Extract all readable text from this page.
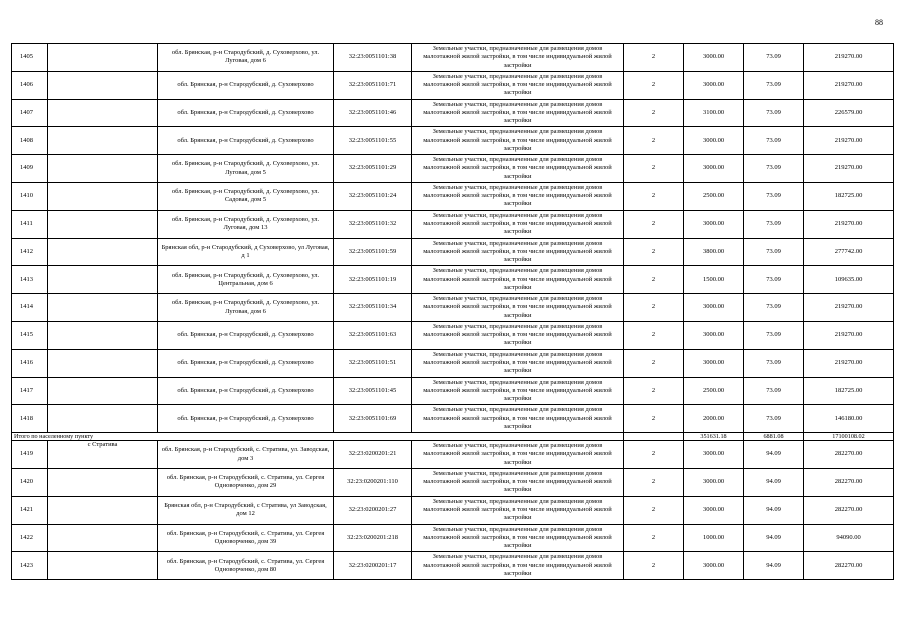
88
1405		обл. Брянская, р-н Стародубский, д. Суховерхово, ул. Луговая, дом 6	32:23:0051101:38	Земельные участки, предназначенные для размещения домов малоэтажной жилой застройки, в том числе индивидуальной жилой застройки	2	3000.00	73.09	219270.00
1406		обл. Брянская, р-н Стародубский, д. Суховерхово	32:23:0051101:71	Земельные участки, предназначенные для размещения домов малоэтажной жилой застройки, в том числе индивидуальной жилой застройки	2	3000.00	73.09	219270.00
1407		обл. Брянская, р-н Стародубский, д. Суховерхово	32:23:0051101:46	Земельные участки, предназначенные для размещения домов малоэтажной жилой застройки, в том числе индивидуальной жилой застройки	2	3100.00	73.09	226579.00
1408		обл. Брянская, р-н Стародубский, д. Суховерхово	32:23:0051101:55	Земельные участки, предназначенные для размещения домов малоэтажной жилой застройки, в том числе индивидуальной жилой застройки	2	3000.00	73.09	219270.00
1409		обл. Брянская, р-н Стародубский, д. Суховерхово, ул. Луговая, дом 5	32:23:0051101:29	Земельные участки, предназначенные для размещения домов малоэтажной жилой застройки, в том числе индивидуальной жилой застройки	2	3000.00	73.09	219270.00
1410		обл. Брянская, р-н Стародубский, д. Суховерхово, ул. Садовая, дом 5	32:23:0051101:24	Земельные участки, предназначенные для размещения домов малоэтажной жилой застройки, в том числе индивидуальной жилой застройки	2	2500.00	73.09	182725.00
1411		обл. Брянская, р-н Стародубский, д. Суховерхово, ул. Луговая, дом 13	32:23:0051101:32	Земельные участки, предназначенные для размещения домов малоэтажной жилой застройки, в том числе индивидуальной жилой застройки	2	3000.00	73.09	219270.00
1412		Брянская обл, р-н Стародубский, д Суховерхово, ул Луговая, д 1	32:23:0051101:59	Земельные участки, предназначенные для размещения домов малоэтажной жилой застройки, в том числе индивидуальной жилой застройки	2	3800.00	73.09	277742.00
1413		обл. Брянская, р-н Стародубский, д. Суховерхово, ул. Центральная, дом 6	32:23:0051101:19	Земельные участки, предназначенные для размещения домов малоэтажной жилой застройки, в том числе индивидуальной жилой застройки	2	1500.00	73.09	109635.00
1414		обл. Брянская, р-н Стародубский, д. Суховерхово, ул. Луговая, дом 6	32:23:0051101:34	Земельные участки, предназначенные для размещения домов малоэтажной жилой застройки, в том числе индивидуальной жилой застройки	2	3000.00	73.09	219270.00
1415		обл. Брянская, р-н Стародубский, д. Суховерхово	32:23:0051101:63	Земельные участки, предназначенные для размещения домов малоэтажной жилой застройки, в том числе индивидуальной жилой застройки	2	3000.00	73.09	219270.00
1416		обл. Брянская, р-н Стародубский, д. Суховерхово	32:23:0051101:51	Земельные участки, предназначенные для размещения домов малоэтажной жилой застройки, в том числе индивидуальной жилой застройки	2	3000.00	73.09	219270.00
1417		обл. Брянская, р-н Стародубский, д. Суховерхово	32:23:0051101:45	Земельные участки, предназначенные для размещения домов малоэтажной жилой застройки, в том числе индивидуальной жилой застройки	2	2500.00	73.09	182725.00
1418		обл. Брянская, р-н Стародубский, д. Суховерхово	32:23:0051101:69	Земельные участки, предназначенные для размещения домов малоэтажной жилой застройки, в том числе индивидуальной жилой застройки	2	2000.00	73.09	146180.00
Итого по населенному пункту						351631.18	6881.08	17100108.02
1419	с Стратива	обл. Брянская, р-н Стародубский, с. Стратива, ул. Заводская, дом 3	32:23:0200201:21	Земельные участки, предназначенные для размещения домов малоэтажной жилой застройки, в том числе индивидуальной жилой застройки	2	3000.00	94.09	282270.00
1420		обл. Брянская, р-н Стародубский, с. Стратива, ул. Сергея Одноворченко, дом 29	32:23:0200201:110	Земельные участки, предназначенные для размещения домов малоэтажной жилой застройки, в том числе индивидуальной жилой застройки	2	3000.00	94.09	282270.00
1421		Брянская обл, р-н Стародубский, с Стратива, ул Заводская, дом 12	32:23:0200201:27	Земельные участки, предназначенные для размещения домов малоэтажной жилой застройки, в том числе индивидуальной жилой застройки	2	3000.00	94.09	282270.00
1422		обл. Брянская, р-н Стародубский, с. Стратива, ул. Сергея Одноворченко, дом 39	32:23:0200201:218	Земельные участки, предназначенные для размещения домов малоэтажной жилой застройки, в том числе индивидуальной жилой застройки	2	1000.00	94.09	94090.00
1423		обл. Брянская, р-н Стародубский, с. Стратива, ул. Сергея Одноворченко, дом 80	32:23:0200201:17	Земельные участки, предназначенные для размещения домов малоэтажной жилой застройки, в том числе индивидуальной жилой застройки	2	3000.00	94.09	282270.00
